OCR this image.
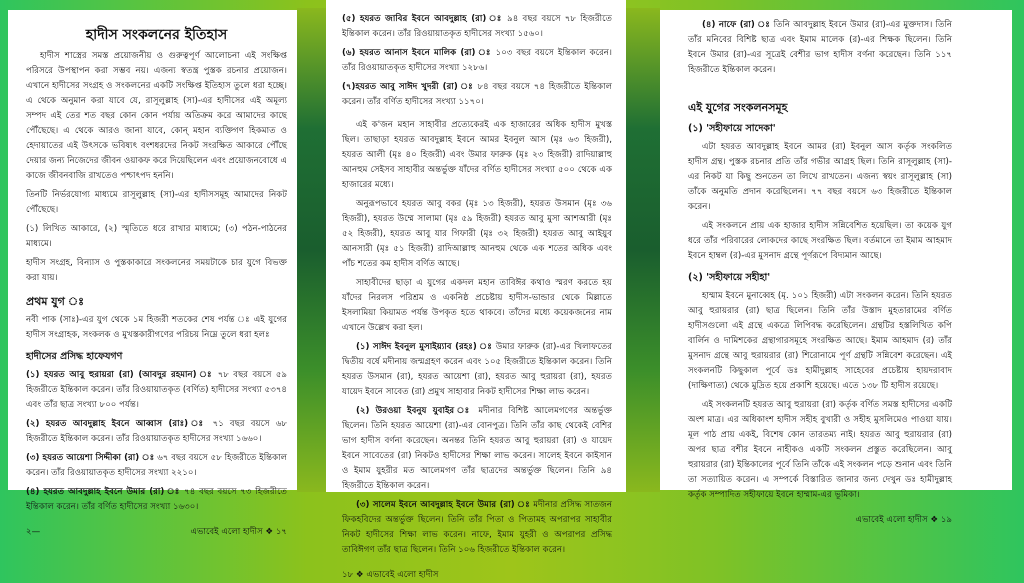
হাদীস সংকলনের ইতিহাস

হাদীস শাস্ত্রের সমস্ত প্রয়োজনীয় ও গুরুত্বপূর্ণ আলোচনা এই সংক্ষিপ্ত পরিসরে উপস্থাপন করা সম্ভব নয়। এজন্য স্বতন্ত্র পুস্তক রচনার প্রয়োজন। এখানে হাদীসের সংগ্রহ ও সংকলনের একটি সংক্ষিপ্ত ইতিহাস তুলে ধরা হচ্ছে। এ থেকে অনুমান করা যাবে যে, রাসূলুল্লাহ (সা)-এর হাদীসের এই অমূল্য সম্পদ এই তের শত বছর কোন কোন পর্যায় অতিক্রম করে আমাদের কাছে পৌঁছেছে। এ থেকে আরও জানা যাবে, কোন্ মহান ব্যক্তিগণ হিকমাত ও হেদায়াতের এই উৎসকে ভবিষ্যৎ বংশধরদের নিকট সংরক্ষিত আকারে পৌঁছে দেয়ার জন্য নিজেদের জীবন ওয়াকফ করে দিয়েছিলেন এবং প্রয়োজনবোধে এ কাজে জীবনবাজি রাখতেও পশ্চাৎপদ হননি।

তিনটি নির্ভরযোগ্য মাধ্যমে রাসূলুল্লাহ (সা)-এর হাদীসসমূহ আমাদের নিকট পৌঁছেছে।

(১) লিখিত আকারে, (২) স্মৃতিতে ধরে রাখার মাধ্যমে; (৩) পঠন-পাঠনের মাধ্যমে।

হাদীস সংগ্রহ, বিন্যাস ও পুস্তকাকারে সংকলনের সময়টাকে চার যুগে বিভক্ত করা যায়।

প্রথম যুগ ঃ

নবী পাক (সাঃ)-এর যুগ থেকে ১ম হিজরী শতকের শেষ পর্যন্ত ঃ এই যুগের হাদীস সংগ্রাহক, সংকলক ও মুখস্তকারীগণের পরিচয় নিম্নে তুলে ধরা হলঃ

হাদীসের প্রসিদ্ধ হাফেযগণ

(১) হযরত আবু হুরায়রা (রা) (আবদুর রহমান) ঃ ৭৮ বছর বয়সে ৫৯ হিজরীতে ইন্তিকাল করেন। তাঁর রিওয়ায়াতকৃত (বর্ণিত) হাদীসের সংখ্যা ৫৩৭৪ এবং তাঁর ছাত্র সংখ্যা ৮০০ পর্যন্ত।

(২) হযরত আবদুল্লাহ ইবনে আব্বাস (রাঃ) ঃ ৭১ বছর বয়সে ৬৮ হিজরীতে ইন্তিকাল করেন। তাঁর রিওয়ায়াতকৃত হাদীসের সংখ্যা ১৬৬০।

(৩) হযরত আয়েশা সিদ্দীকা (রা) ঃ ৬৭ বছর বয়সে ৫৮ হিজরীতে ইন্তিকাল করেন। তাঁর রিওয়ায়াতকৃত হাদীসের সংখ্যা ২২১০।

(৪) হযরত আবদুল্লাহ ইবনে উমার (রা) ঃ ৭৪ বছর বয়সে ৭৩ হিজরীতে ইন্তিকাল করেন। তাঁর বর্ণিত হাদীসের সংখ্যা ১৬৩০।

২—	এভাবেই এলো হাদীস ❖ ১৭

(৫) হযরত জাবির ইবনে আবদুল্লাহ (রা) ঃ ৯৪ বছর বয়সে ৭৮ হিজরীতে ইন্তিকাল করেন। তাঁর রিওয়ায়াতকৃত হাদীসের সংখ্যা ১৫৬০।

(৬) হযরত আনাস ইবনে মালিক (রা) ঃ ১০৩ বছর বয়সে ইন্তিকাল করেন। তাঁর রিওয়ায়াতকৃত হাদীসের সংখ্যা ১২৮৬।

(৭)হযরত আবু সাঈদ খুদরী (রা) ঃ ৮৪ বছর বয়সে ৭৪ হিজরীতে ইন্তিকাল করেন। তাঁর বর্ণিত হাদীসের সংখ্যা ১১৭০।

এই ক'জন মহান সাহাবীর প্রত্যেকেরই এক হাজারের অধিক হাদীস মুখস্ত ছিল। তাছাড়া হযরত আবদুল্লাহ ইবনে আমর ইবনুল আস (মৃঃ ৬৩ হিজরী), হযরত আলী (মৃঃ ৪০ হিজরী) এবং উমার ফারুক (মৃঃ ২৩ হিজরী) রাদিয়াল্লাহু আনহুম সেইসব সাহাবীর অন্তর্ভুক্ত যাঁদের বর্ণিত হাদীসের সংখ্যা ৫০০ থেকে এক হাজারের মধ্যে।

অনুরূপভাবে হযরত আবু বকর (মৃঃ ১৩ হিজরী), হযরত উসমান (মৃঃ ৩৬ হিজরী), হযরত উম্মে সালামা (মৃঃ ৫৯ হিজরী) হযরত আবু মুসা আশআরী (মৃঃ ৫২ হিজরী), হযরত আবু যার গিফারী (মৃঃ ৩২ হিজরী) হযরত আবু আইয়ুব আনসারী (মৃঃ ৫১ হিজরী) রাদিআল্লাহু আনহুম থেকে এক শতের অধিক এবং পাঁচ শতের কম হাদীস বর্ণিত আছে।

সাহাবীদের ছাড়া এ যুগের একদল মহান তাবিঈর কথাও স্মরণ করতে হয় যাঁদের নিরলস পরিশ্রম ও একনিষ্ঠ প্রচেষ্টায় হাদীস-ভান্ডার থেকে মিল্লাতে ইসলামিয়া কিয়ামত পর্যন্ত উপকৃত হতে থাকবে। তাঁদের মধ্যে কয়েকজনের নাম এখানে উল্লেখ করা হল।

(১) সাঈদ ইবনুল মুসাইয়্যাব (রহঃ) ঃ উমার ফারুক (রা)-এর খিলাফতের দ্বিতীয় বর্ষে মদীনায় জন্মগ্রহণ করেন এবং ১০৫ হিজরীতে ইন্তিকাল করেন। তিনি হযরত উসমান (রা), হযরত আয়েশা (রা), হযরত আবু হুরায়রা (রা), হযরত যায়েদ ইবনে সাবেত (রা) প্রমুখ সাহাবার নিকট হাদীসের শিক্ষা লাভ করেন।

(২) উরওয়া ইবনুয যুবাইর ঃ মদীনার বিশিষ্ট আলেমগণের অন্তর্ভুক্ত ছিলেন। তিনি হযরত আয়েশা (রা)-এর বোনপুত্র। তিনি তাঁর কাছ থেকেই বেশির ভাগ হাদীস বর্ণনা করেছেন। অনন্তর তিনি হযরত আবু হুরায়রা (রা) ও যায়েদ ইবনে সাবেতের (রা) নিকটও হাদীসের শিক্ষা লাভ করেন। সালেহ ইবনে কাইসান ও ইমাম যুহরীর মত আলেমগণ তাঁর ছাত্রদের অন্তর্ভুক্ত ছিলেন। তিনি ৯৪ হিজরীতে ইন্তিকাল করেন।

(৩) সালেম ইবনে আবদুল্লাহ ইবনে উমার (রা) ঃ মদীনার প্রসিদ্ধ সাতজন ফিকহবিদের অন্তর্ভুক্ত ছিলেন। তিনি তাঁর পিতা ও পিতামহ অপরাপর সাহাবীর নিকট হাদীসের শিক্ষা লাভ করেন। নাফে, ইমাম যুহরী ও অপরাপর প্রসিদ্ধ তাবিঈগণ তাঁর ছাত্র ছিলেন। তিনি ১০৬ হিজরীতে ইন্তিকাল করেন।

১৮ ❖ এভাবেই এলো হাদীস

(৪) নাফে (রা) ঃ তিনি আবদুল্লাহ ইবনে উমার (রা)-এর মুক্তদাস। তিনি তাঁর মনিবের বিশিষ্ট ছাত্র এবং ইমাম মালেক (র)-এর শিক্ষক ছিলেন। তিনি ইবনে উমার (রা)-এর সূত্রেই বেশীর ভাগ হাদীস বর্ণনা করেছেন। তিনি ১১৭ হিজরীতে ইন্তিকাল করেন।

এই যুগের সংকলনসমূহ
(১) 'সহীফায়ে সাদেকা'

এটা হযরত আবদুল্লাহ ইবনে আমর (রা) ইবনুল আস কর্তৃক সংকলিত হাদীস গ্রন্থ। পুস্তক রচনার প্রতি তাঁর গভীর আগ্রহ ছিল। তিনি রাসূলুল্লাহ (সা)-এর নিকট যা কিছু শুনতেন তা লিখে রাখতেন। এজন্য স্বয়ং রাসূলুল্লাহ (সা) তাঁকে অনুমতি প্রদান করেছিলেন। ৭৭ বছর বয়সে ৬৩ হিজরীতে ইন্তিকাল করেন।

এই সংকলনে প্রায় এক হাজার হাদীস সন্নিবেশিত হয়েছিল। তা কয়েক যুগ ধরে তাঁর পরিবারের লোকদের কাছে সংরক্ষিত ছিল। বর্তমানে তা ইমাম আহমাদ ইবনে হাম্বল (র)-এর মুসনাদ গ্রন্থে পূর্ণরূপে বিদ্যমান আছে।

(২) 'সহীফায়ে সহীহা'

হাম্মাম ইবনে মুনাব্বেহ (মৃ. ১০১ হিজরী) এটা সংকলন করেন। তিনি হযরত আবু হুরায়রার (রা) ছাত্র ছিলেন। তিনি তাঁর উস্তাদ মুহতারামের বর্ণিত হাদীসগুলো এই গ্রন্থে একত্রে লিপিবদ্ধ করেছিলেন। গ্রন্থটির হস্তলিখিত কপি বার্লিন ও দামিশকের গ্রন্থাগারসমূহে সংরক্ষিত আছে। ইমাম আহমাদ (র) তাঁর মুসনাদ গ্রন্থে আবু হুরায়রার (রা) শিরোনামে পূর্ণ গ্রন্থটি সন্নিবেশ করেছেন। এই সংকলনটি কিছুকাল পূর্বে ডঃ হামীদুল্লাহ সাহেবের প্রচেষ্টায় হায়দরাবাদ (দাক্ষিণাত্য) থেকে মুদ্রিত হয়ে প্রকাশি হয়েছে। এতে ১৩৮ টি হাদীস রয়েছে।

এই সংকলনটি হযরত আবু হুরায়রা (রা) কর্তৃক বর্ণিত সমস্ত হাদীসের একটি অংশ মাত্র। এর অধিকাংশ হাদীস সহীহ বুখারী ও সহীহ মুসলিমেও পাওয়া যায়। মূল পাঠ প্রায় একই, বিশেষ কোন তারতম্য নাই। হযরত আবু হুরায়রার (রা) অপর ছাত্র বশীর ইবনে নাহীকও একটি সংকলন প্রস্তুত করেছিলেন। আবু হুরায়রার (রা) ইন্তিকালের পূর্বে তিনি তাঁকে এই সংকলন পড়ে শুনান এবং তিনি তা সত্যায়িত করেন। এ সম্পর্কে বিস্তারিত জানার জন্য দেখুন ডঃ হামীদুল্লাহ কর্তৃক সম্পাদিত সহীফায়ে ইবনে হাম্মাম-এর ভূমিকা।

এভাবেই এলো হাদীস ❖ ১৯
